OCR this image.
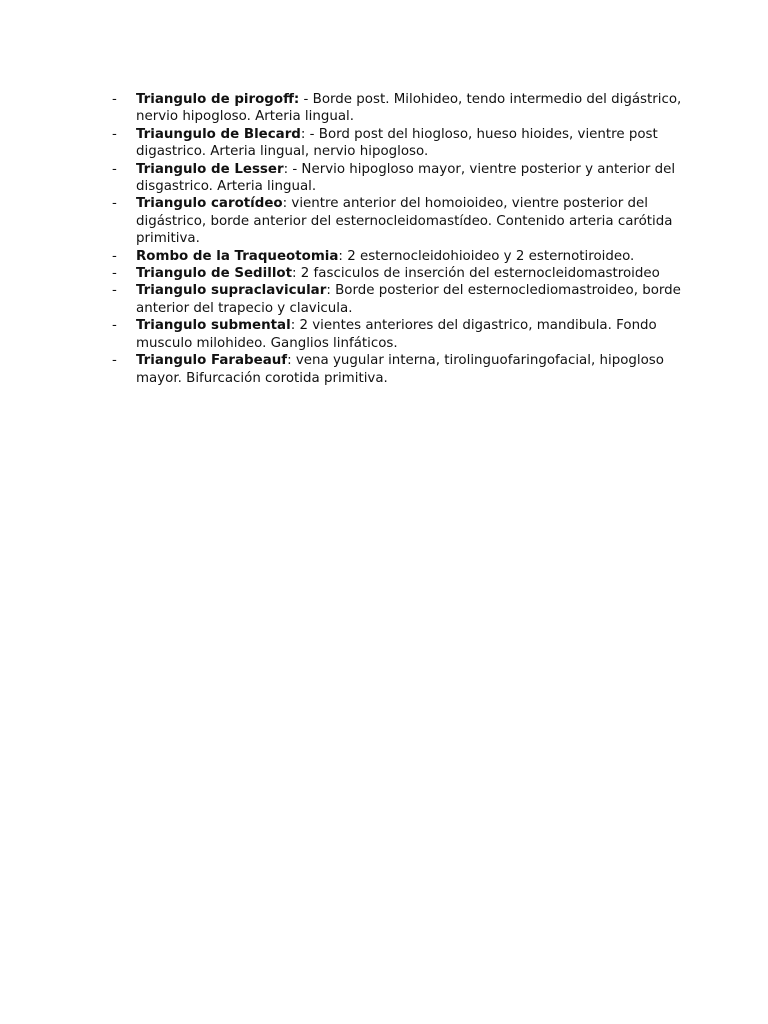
-	Triangulo de pirogoff: - Borde post. Milohideo, tendo intermedio del digástrico, nervio hipogloso. Arteria lingual.
-	Triaungulo de Blecard: - Bord post del hiogloso, hueso hioides, vientre post digastrico. Arteria lingual, nervio hipogloso.
-	Triangulo de Lesser: - Nervio hipogloso mayor, vientre posterior y anterior del disgastrico. Arteria lingual.
-	Triangulo carotídeo: vientre anterior del homoioideo, vientre posterior del digástrico, borde anterior del esternocleidomastídeo. Contenido arteria carótida primitiva.
-	Rombo de la Traqueotomia: 2 esternocleidohioideo y 2 esternotiroideo.
-	Triangulo de Sedillot: 2 fasciculos de inserción del esternocleidomastroideo
-	Triangulo supraclavicular: Borde posterior del esternoclediomastroideo, borde anterior del trapecio y clavicula.
-	Triangulo submental: 2 vientes anteriores del digastrico, mandibula. Fondo musculo milohideo. Ganglios linfáticos.
-	Triangulo Farabeauf: vena yugular interna, tirolinguofaringofacial, hipogloso mayor. Bifurcación corotida primitiva.
